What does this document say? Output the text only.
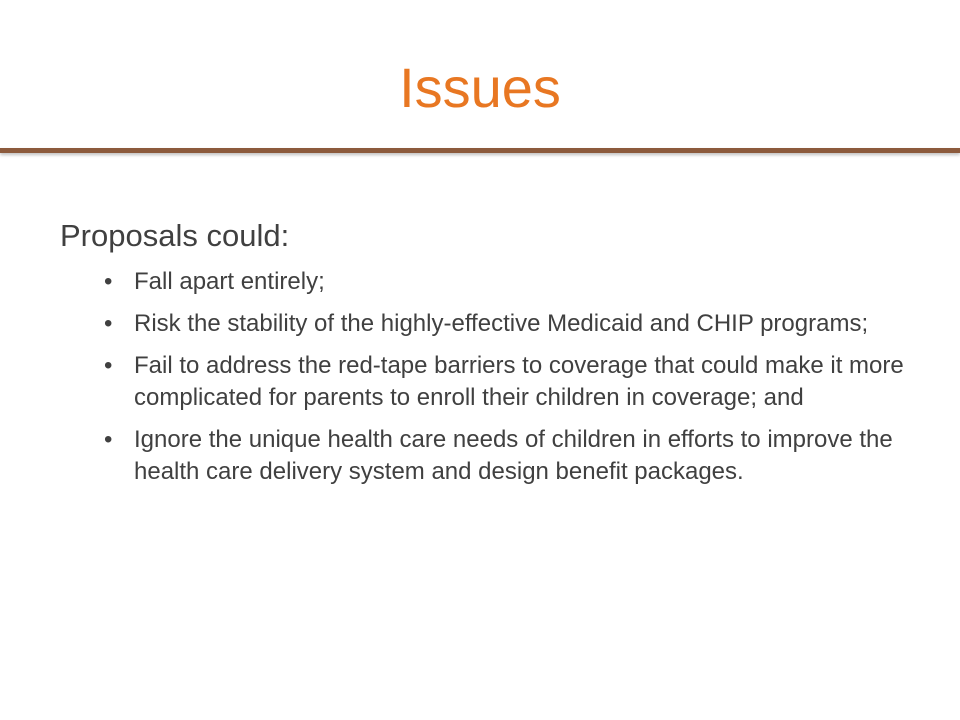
Issues

Proposals could:

• Fall apart entirely;
• Risk the stability of the highly-effective Medicaid and CHIP programs;
• Fail to address the red-tape barriers to coverage that could make it more complicated for parents to enroll their children in coverage; and
• Ignore the unique health care needs of children in efforts to improve the health care delivery system and design benefit packages.
